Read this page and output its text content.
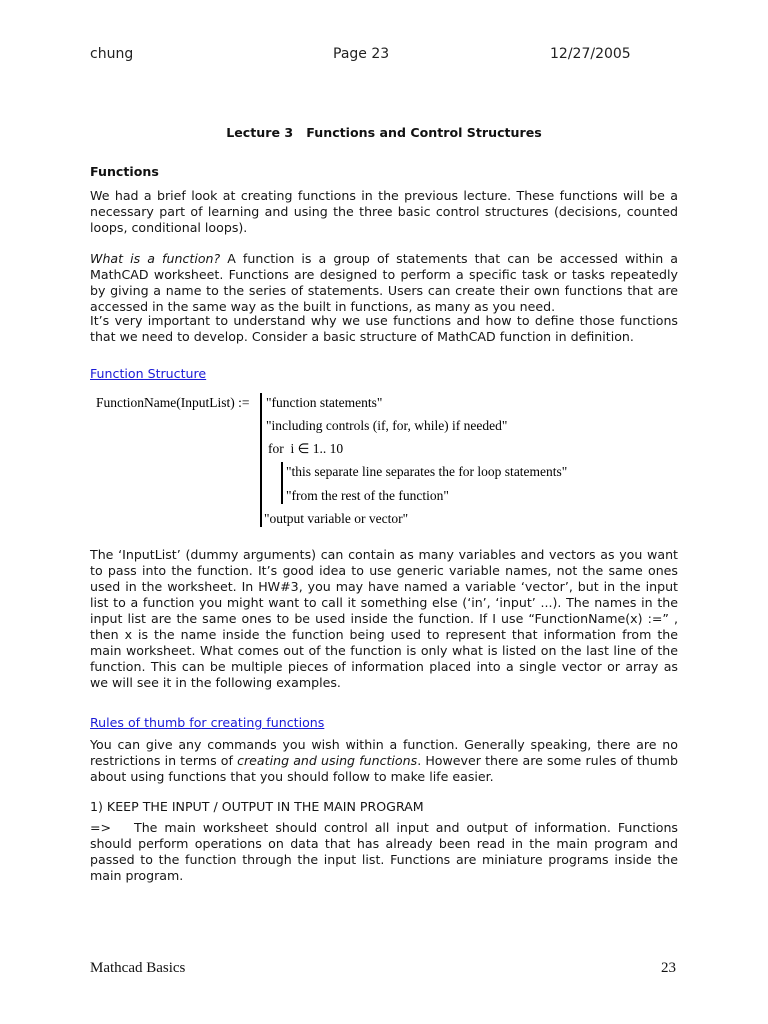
chung	Page 23	12/27/2005
Lecture 3   Functions and Control Structures
Functions
We had a brief look at creating functions in the previous lecture. These functions will be a necessary part of learning and using the three basic control structures (decisions, counted loops, conditional loops).
What is a function? A function is a group of statements that can be accessed within a MathCAD worksheet. Functions are designed to perform a specific task or tasks repeatedly by giving a name to the series of statements. Users can create their own functions that are accessed in the same way as the built in functions, as many as you need.
It’s very important to understand why we use functions and how to define those functions that we need to develop. Consider a basic structure of MathCAD function in definition.
Function Structure
FunctionName(InputList) := "function statements"
"including controls (if, for, while) if needed"
for  i ∈ 1.. 10
"this separate line separates the for loop statements"
"from the rest of the function"
"output variable or vector"
The ‘InputList’ (dummy arguments) can contain as many variables and vectors as you want to pass into the function. It’s good idea to use generic variable names, not the same ones used in the worksheet. In HW#3, you may have named a variable ‘vector’, but in the input list to a function you might want to call it something else (‘in’, ‘input’ ...). The names in the input list are the same ones to be used inside the function. If I use “FunctionName(x) :=” , then x is the name inside the function being used to represent that information from the main worksheet. What comes out of the function is only what is listed on the last line of the function. This can be multiple pieces of information placed into a single vector or array as we will see it in the following examples.
Rules of thumb for creating functions
You can give any commands you wish within a function. Generally speaking, there are no restrictions in terms of creating and using functions. However there are some rules of thumb about using functions that you should follow to make life easier.
1) KEEP THE INPUT / OUTPUT IN THE MAIN PROGRAM
=> The main worksheet should control all input and output of information. Functions should perform operations on data that has already been read in the main program and passed to the function through the input list. Functions are miniature programs inside the main program.
Mathcad Basics	23
